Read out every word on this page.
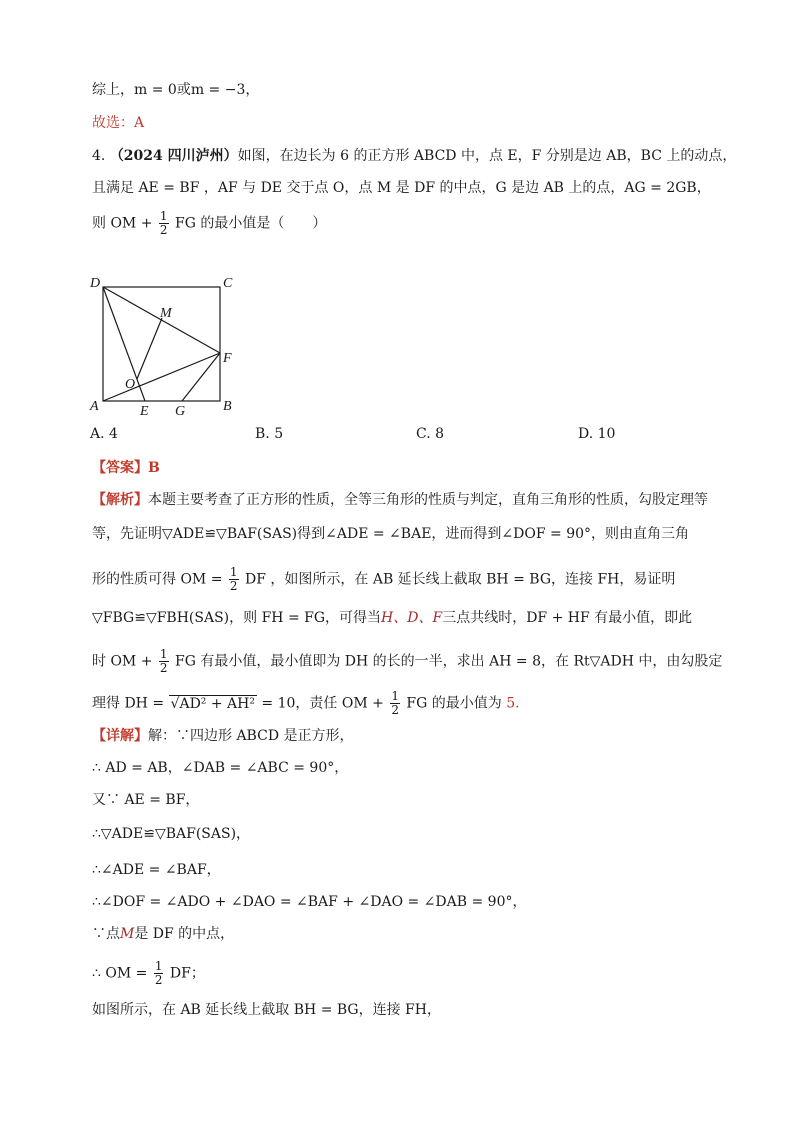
综上，m = 0或m = −3，
故选：A
4. （2024 四川泸州）如图，在边长为 6 的正方形 ABCD 中，点 E，F 分别是边 AB，BC 上的动点，
且满足 AE = BF ，AF 与 DE 交于点 O，点 M 是 DF 的中点，G 是边 AB 上的点，AG = 2GB，
则 OM + $\frac{1}{2}$ FG 的最小值是（　　）
D	C
A	B
E G
F
O
M
A. 4	B. 5	C. 8	D. 10
【答案】B
【解析】本题主要考查了正方形的性质，全等三角形的性质与判定，直角三角形的性质，勾股定理等
等，先证明▽ADE≌▽BAF(SAS)得到∠ADE = ∠BAE，进而得到∠DOF = 90°，则由直角三角
形的性质可得 OM = $\frac{1}{2}$ DF ，如图所示，在 AB 延长线上截取 BH = BG，连接 FH，易证明
▽FBG≌▽FBH(SAS)，则 FH = FG，可得当H、D、F三点共线时，DF + HF 有最小值，即此
时 OM + $\frac{1}{2}$ FG 有最小值，最小值即为 DH 的长的一半，求出 AH = 8，在 Rt▽ADH 中，由勾股定
理得 DH = √AD² + AH² = 10，责任 OM + $\frac{1}{2}$ FG 的最小值为 5.
【详解】解：∵四边形 ABCD 是正方形，
∴ AD = AB，∠DAB = ∠ABC = 90°，
又∵ AE = BF，
∴▽ADE≌▽BAF(SAS)，
∴∠ADE = ∠BAF，
∴∠DOF = ∠ADO + ∠DAO = ∠BAF + ∠DAO = ∠DAB = 90°，
∵点M是 DF 的中点，
∴ OM = $\frac{1}{2}$ DF；
如图所示，在 AB 延长线上截取 BH = BG，连接 FH，
